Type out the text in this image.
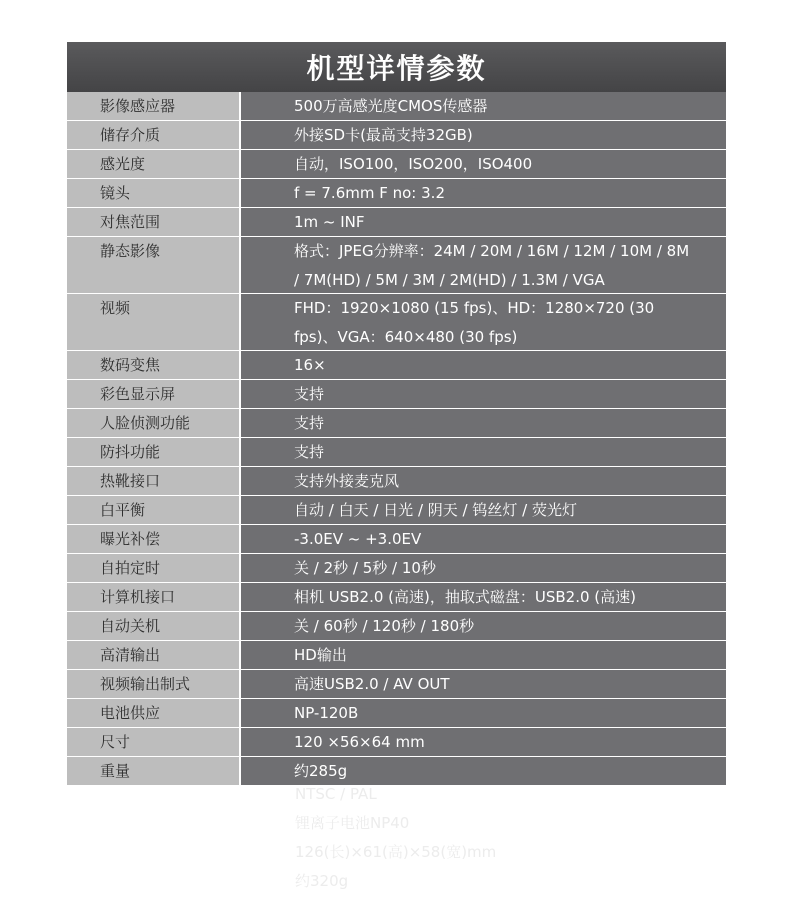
机型详情参数
影像感应器	500万高感光度CMOS传感器
储存介质	外接SD卡(最高支持32GB)
感光度	自动，ISO100，ISO200，ISO400
镜头	f = 7.6mm F no: 3.2
对焦范围	1m ~ INF
静态影像	格式：JPEG分辨率：24M / 20M / 16M / 12M / 10M / 8M / 7M(HD) / 5M / 3M / 2M(HD) / 1.3M / VGA
视频	FHD：1920×1080 (15 fps)、HD：1280×720 (30 fps)、VGA：640×480 (30 fps)
数码变焦	16×
彩色显示屏	支持
人脸侦测功能	支持
防抖功能	支持
热靴接口	支持外接麦克风
白平衡	自动 / 白天 / 日光 / 阴天 / 钨丝灯 / 荧光灯
曝光补偿	-3.0EV ~ +3.0EV
自拍定时	关 / 2秒 / 5秒 / 10秒
计算机接口	相机 USB2.0 (高速)，抽取式磁盘：USB2.0 (高速)
自动关机	关 / 60秒 / 120秒 / 180秒
高清输出	HD输出
视频输出制式	高速USB2.0 / AV OUT
电池供应	NP-120B
尺寸	120 ×56×64 mm
重量	约285g
NTSC / PAL
锂离子电池NP40
126(长)×61(高)×58(宽)mm
约320g
